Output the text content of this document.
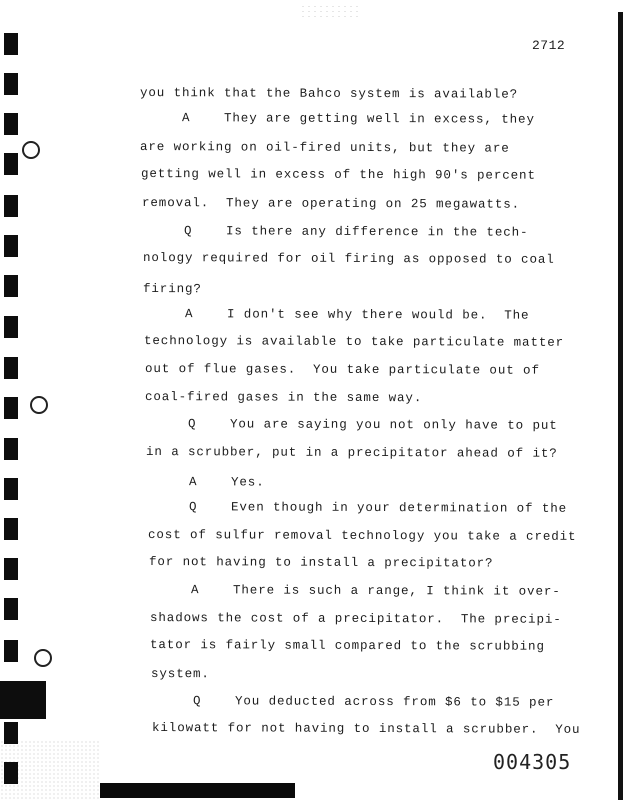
2712
you think that the Bahco system is available?
A    They are getting well in excess, they
are working on oil-fired units, but they are
getting well in excess of the high 90's percent
removal.  They are operating on 25 megawatts.
Q    Is there any difference in the tech-
nology required for oil firing as opposed to coal
firing?
A    I don't see why there would be.  The
technology is available to take particulate matter
out of flue gases.  You take particulate out of
coal-fired gases in the same way.
Q    You are saying you not only have to put
in a scrubber, put in a precipitator ahead of it?
A    Yes.
Q    Even though in your determination of the
cost of sulfur removal technology you take a credit
for not having to install a precipitator?
A    There is such a range, I think it over-
shadows the cost of a precipitator.  The precipi-
tator is fairly small compared to the scrubbing
system.
Q    You deducted across from $6 to $15 per
kilowatt for not having to install a scrubber.  You
004305
